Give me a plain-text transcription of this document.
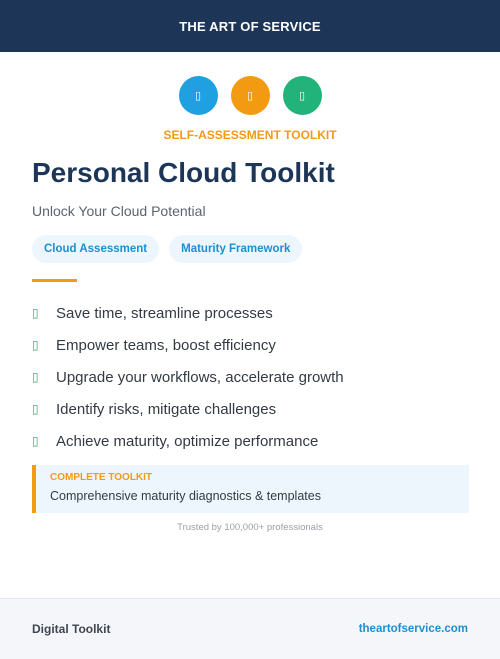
THE ART OF SERVICE
▯	▯	▯
SELF-ASSESSMENT TOOLKIT
Personal Cloud Toolkit
Unlock Your Cloud Potential
Cloud Assessment	Maturity Framework
▯	Save time, streamline processes
▯	Empower teams, boost efficiency
▯	Upgrade your workflows, accelerate growth
▯	Identify risks, mitigate challenges
▯	Achieve maturity, optimize performance
COMPLETE TOOLKIT
Comprehensive maturity diagnostics & templates
Trusted by 100,000+ professionals
Digital Toolkit	theartofservice.com
